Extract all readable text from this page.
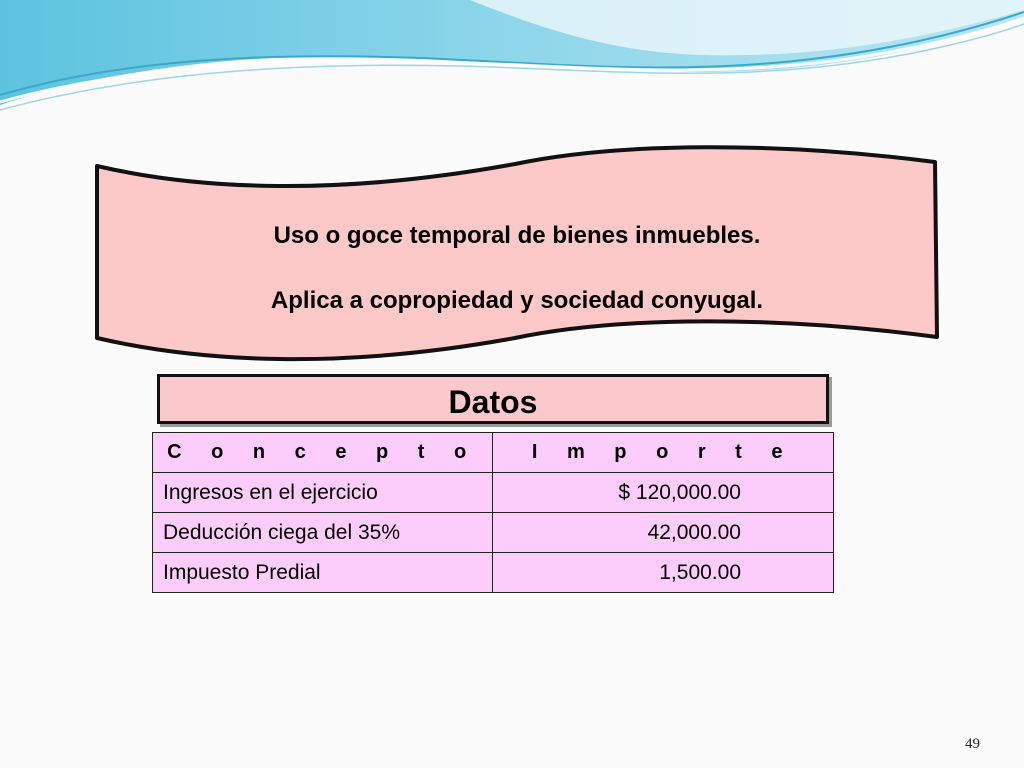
Uso o goce temporal de bienes inmuebles.
Aplica a copropiedad y sociedad conyugal.
Datos
C o n c e p t o	I m p o r t e
Ingresos en el ejercicio	$ 120,000.00
Deducción ciega del 35%	42,000.00
Impuesto Predial	1,500.00
49
